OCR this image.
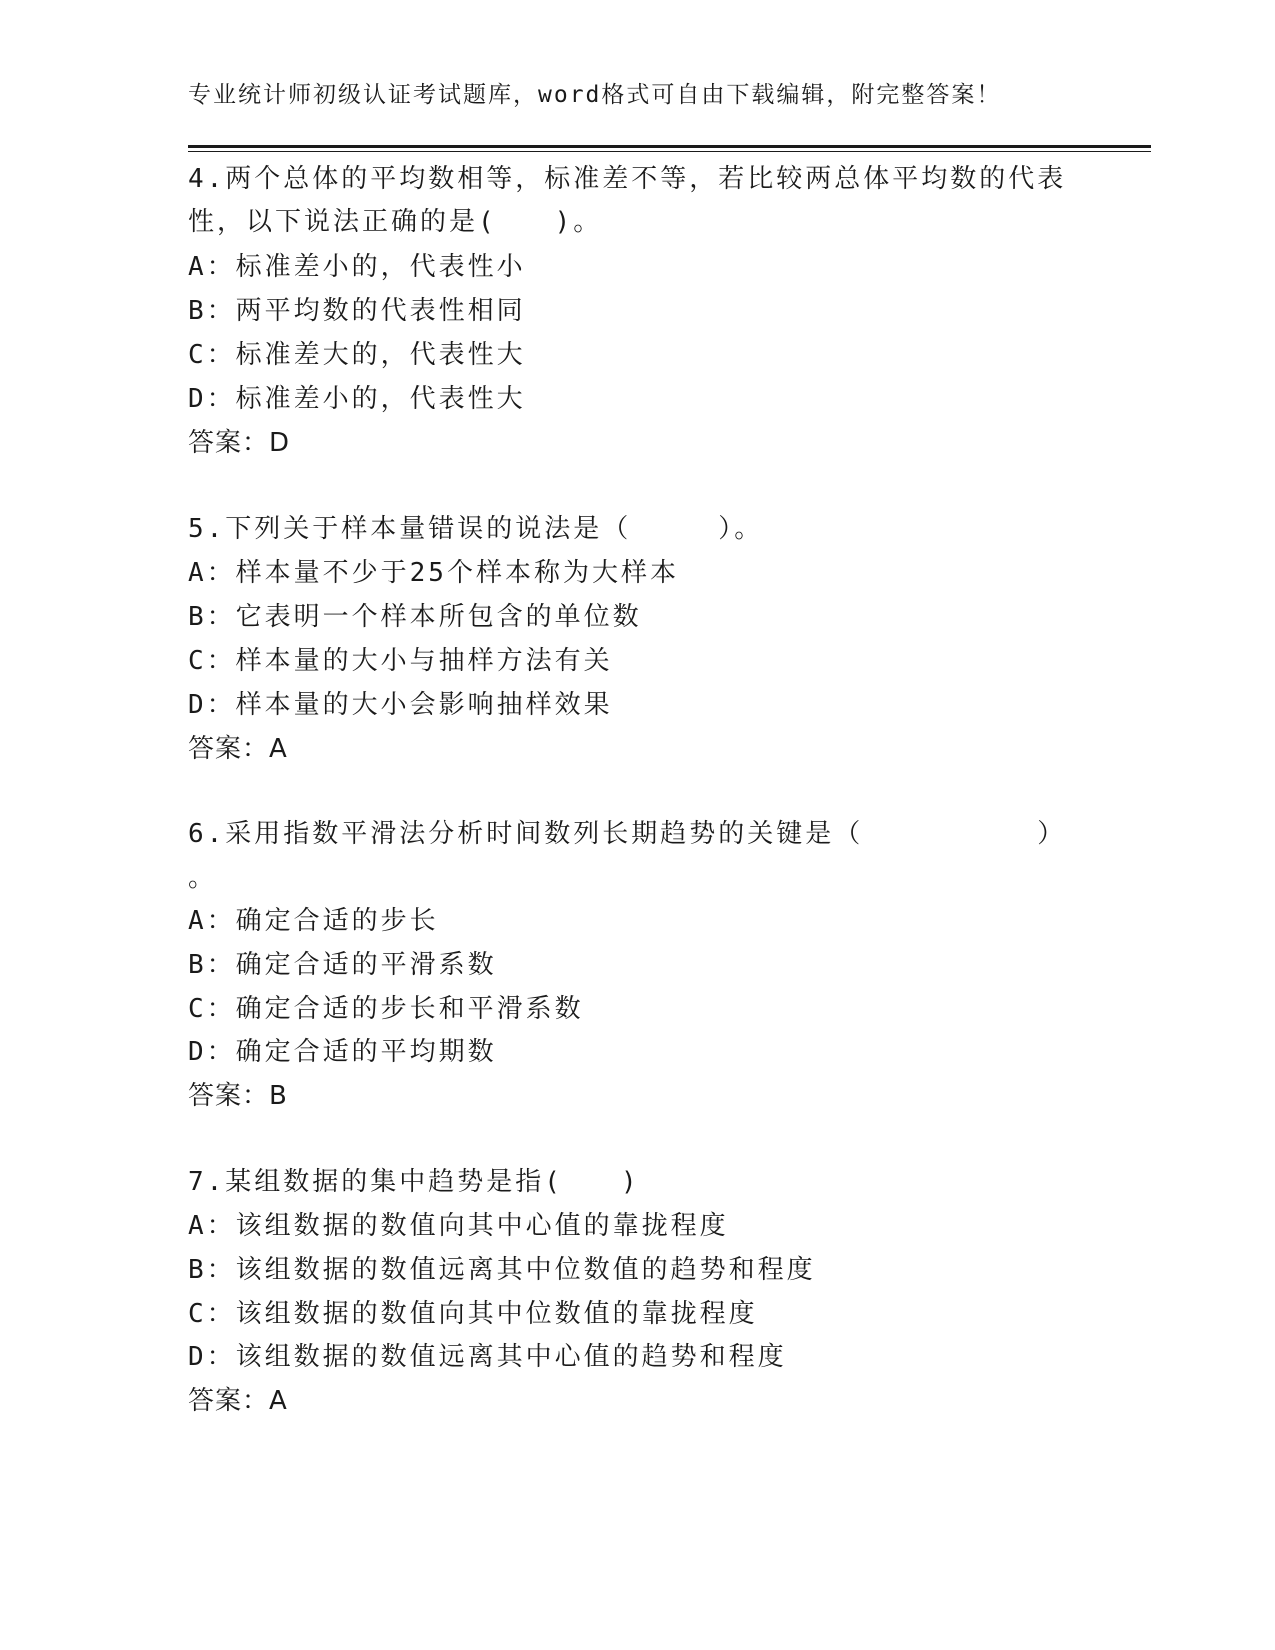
专业统计师初级认证考试题库，word格式可自由下载编辑，附完整答案！
4.两个总体的平均数相等，标准差不等，若比较两总体平均数的代表
性，以下说法正确的是(　　)。
A：标准差小的，代表性小
B：两平均数的代表性相同
C：标准差大的，代表性大
D：标准差小的，代表性大
答案：D
5.下列关于样本量错误的说法是（　　　）。
A：样本量不少于25个样本称为大样本
B：它表明一个样本所包含的单位数
C：样本量的大小与抽样方法有关
D：样本量的大小会影响抽样效果
答案：A
6.采用指数平滑法分析时间数列长期趋势的关键是（　　　　　　）
。
A：确定合适的步长
B：确定合适的平滑系数
C：确定合适的步长和平滑系数
D：确定合适的平均期数
答案：B
7.某组数据的集中趋势是指(　　)
A：该组数据的数值向其中心值的靠拢程度
B：该组数据的数值远离其中位数值的趋势和程度
C：该组数据的数值向其中位数值的靠拢程度
D：该组数据的数值远离其中心值的趋势和程度
答案：A
